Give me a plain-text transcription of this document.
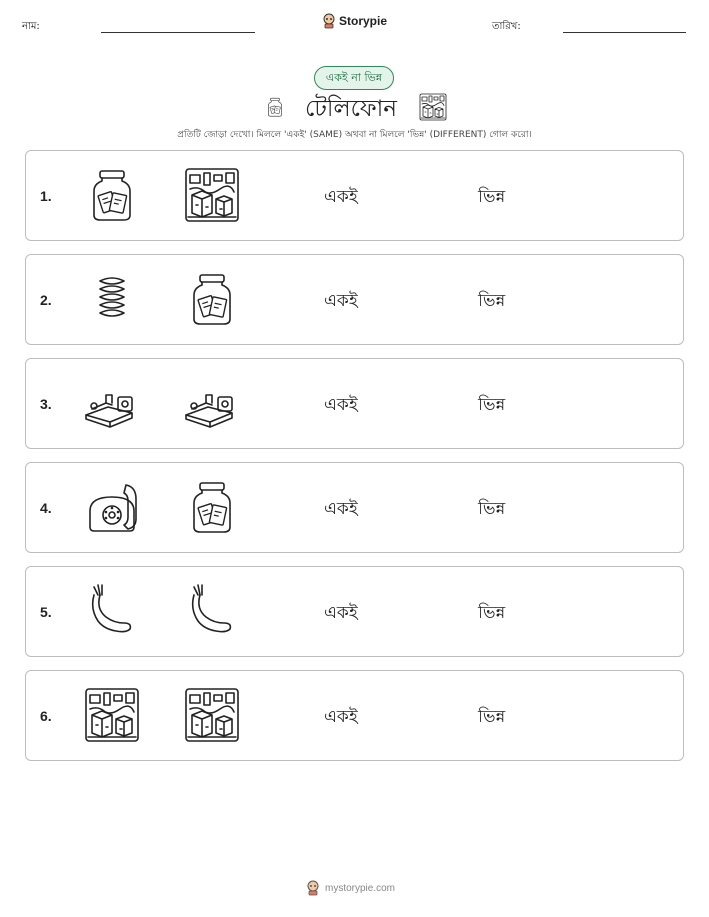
নাম:	Storypie	তারিখ:
একই না ভিন্ন
টেলিফোন
প্রতিটি জোড়া দেখো। মিললে 'একই' (SAME) অথবা না মিললে 'ভিন্ন' (DIFFERENT) গোল করো।
1.	একই	ভিন্ন
2.	একই	ভিন্ন
3.	একই	ভিন্ন
4.	একই	ভিন্ন
5.	একই	ভিন্ন
6.	একই	ভিন্ন
mystorypie.com
